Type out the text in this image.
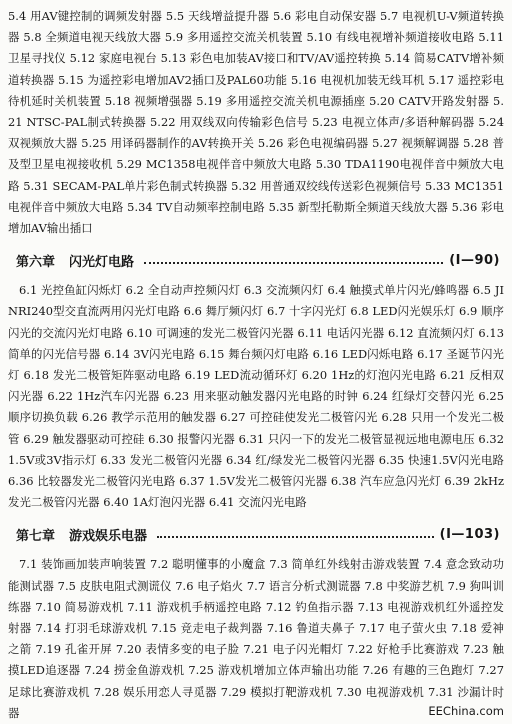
5.4 用AV键控制的调频发射器 5.5 天线增益提升器 5.6 彩电自动保安器 5.7 电视机U-V频道转换器 5.8 全频道电视天线放大器 5.9 多用遥控交流关机装置 5.10 有线电视增补频道接收电路 5.11 卫星寻找仪 5.12 家庭电视台 5.13 彩色电加装AV接口和TV/AV遥控转换 5.14 简易CATV增补频道转换器 5.15 为遥控彩电增加AV2插口及PAL60功能 5.16 电视机加装无线耳机 5.17 遥控彩电待机延时关机装置 5.18 视频增强器 5.19 多用遥控交流关机电源插座 5.20 CATV开路发射器 5.21 NTSC-PAL制式转换器 5.22 用双线双向传输彩色信号 5.23 电视立体声/多语种解码器 5.24 双视频放大器 5.25 用译码器制作的AV转换开关 5.26 彩色电视编码器 5.27 视频解调器 5.28 普及型卫星电视接收机 5.29 MC1358电视伴音中频放大电路 5.30 TDA1190电视伴音中频放大电路 5.31 SECAM-PAL单片彩色制式转换器 5.32 用普通双绞线传送彩色视频信号 5.33 MC1351电视伴音中频放大电路 5.34 TV自动频率控制电路 5.35 新型托勒斯全频道天线放大器 5.36 彩电增加AV输出插口

第六章 闪光灯电路	(Ⅰ—90)

6.1 光控鱼缸闪烁灯 6.2 全自动声控频闪灯 6.3 交流频闪灯 6.4 触摸式单片闪光/蜂鸣器 6.5 JINRI240型交直流两用闪光灯电路 6.6 舞厅频闪灯 6.7 十字闪光灯 6.8 LED闪光娱乐灯 6.9 顺序闪光的交流闪光灯电路 6.10 可调速的发光二极管闪光器 6.11 电话闪光器 6.12 直流频闪灯 6.13 简单的闪光信号器 6.14 3V闪光电路 6.15 舞台频闪灯电路 6.16 LED闪烁电路 6.17 圣诞节闪光灯 6.18 发光二极管矩阵驱动电路 6.19 LED流动循环灯 6.20 1Hz的灯泡闪光电路 6.21 反相双闪光器 6.22 1Hz汽车闪光器 6.23 用来驱动触发器闪光电路的时钟 6.24 红绿灯交替闪光 6.25 顺序切换负载 6.26 教学示范用的触发器 6.27 可控硅使发光二极管闪光 6.28 只用一个发光二极管 6.29 触发器驱动可控硅 6.30 报警闪光器 6.31 只闪一下的发光二极管显视远地电源电压 6.32 1.5V或3V指示灯 6.33 发光二极管闪光器 6.34 红/绿发光二极管闪光器 6.35 快速1.5V闪光电路 6.36 比较器发光二极管闪光电路 6.37 1.5V发光二极管闪光器 6.38 汽车应急闪光灯 6.39 2kHz发光二极管闪光器 6.40 1A灯泡闪光器 6.41 交流闪光电路

第七章 游戏娱乐电器	(Ⅰ—103)

7.1 装饰画加装声响装置 7.2 聪明懂事的小魔盒 7.3 简单红外线射击游戏装置 7.4 意念致动功能测试器 7.5 皮肤电阻式测谎仪 7.6 电子焰火 7.7 语言分析式测谎器 7.8 中奖游艺机 7.9 狗叫训练器 7.10 简易游戏机 7.11 游戏机手柄遥控电路 7.12 钓鱼指示器 7.13 电视游戏机红外遥控发射器 7.14 打羽毛球游戏机 7.15 竞走电子裁判器 7.16 鲁道夫鼻子 7.17 电子萤火虫 7.18 爱神之箭 7.19 孔雀开屏 7.20 表情多变的电子脸 7.21 电子闪光帽灯 7.22 好枪手比赛游戏 7.23 触摸LED追逐器 7.24 捞金鱼游戏机 7.25 游戏机增加立体声输出功能 7.26 有趣的三色跑灯 7.27 足球比赛游戏机 7.28 娱乐用恋人寻觅器 7.29 模拟打靶游戏机 7.30 电视游戏机 7.31 沙漏计时器	EEChina.com
